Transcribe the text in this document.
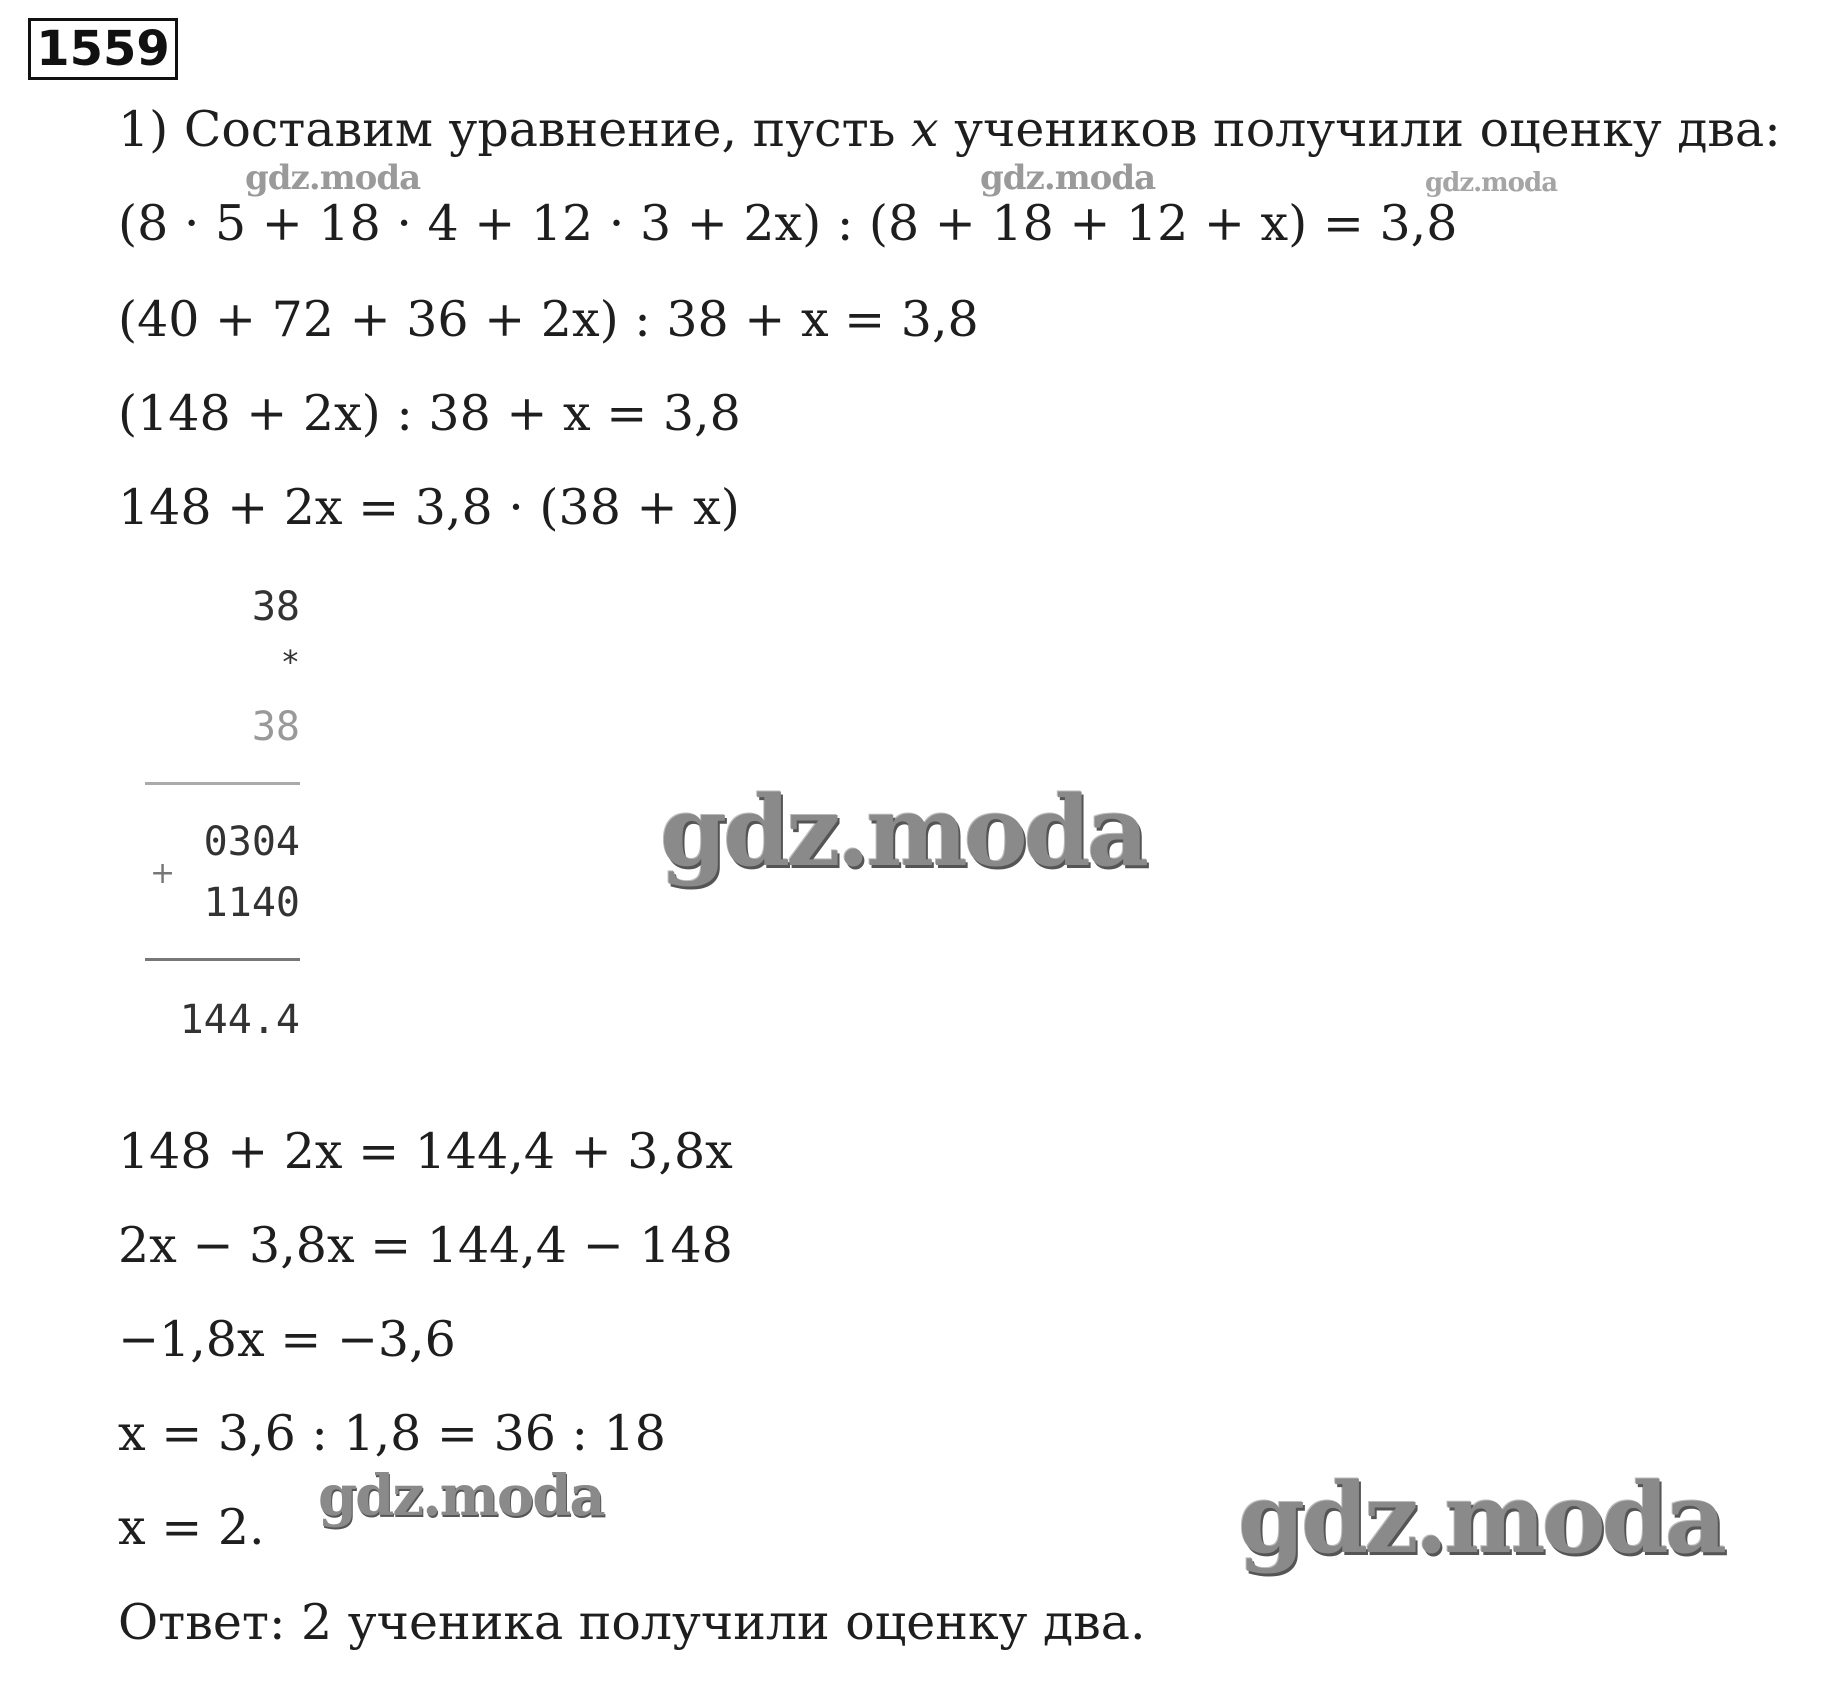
1559
1) Составим уравнение, пусть x учеников получили оценку два:
(8 · 5 + 18 · 4 + 12 · 3 + 2x) : (8 + 18 + 12 + x) = 3,8
(40 + 72 + 36 + 2x) : 38 + x = 3,8
(148 + 2x) : 38 + x = 3,8
148 + 2x = 3,8 · (38 + x)
38
*
38
0304
+
1140
144.4
148 + 2x = 144,4 + 3,8x
2x − 3,8x = 144,4 − 148
−1,8x = −3,6
x = 3,6 : 1,8 = 36 : 18
x = 2.
Ответ: 2 ученика получили оценку два.
gdz.moda	gdz.moda	gdz.moda
gdz.moda
gdz.moda	gdz.moda
